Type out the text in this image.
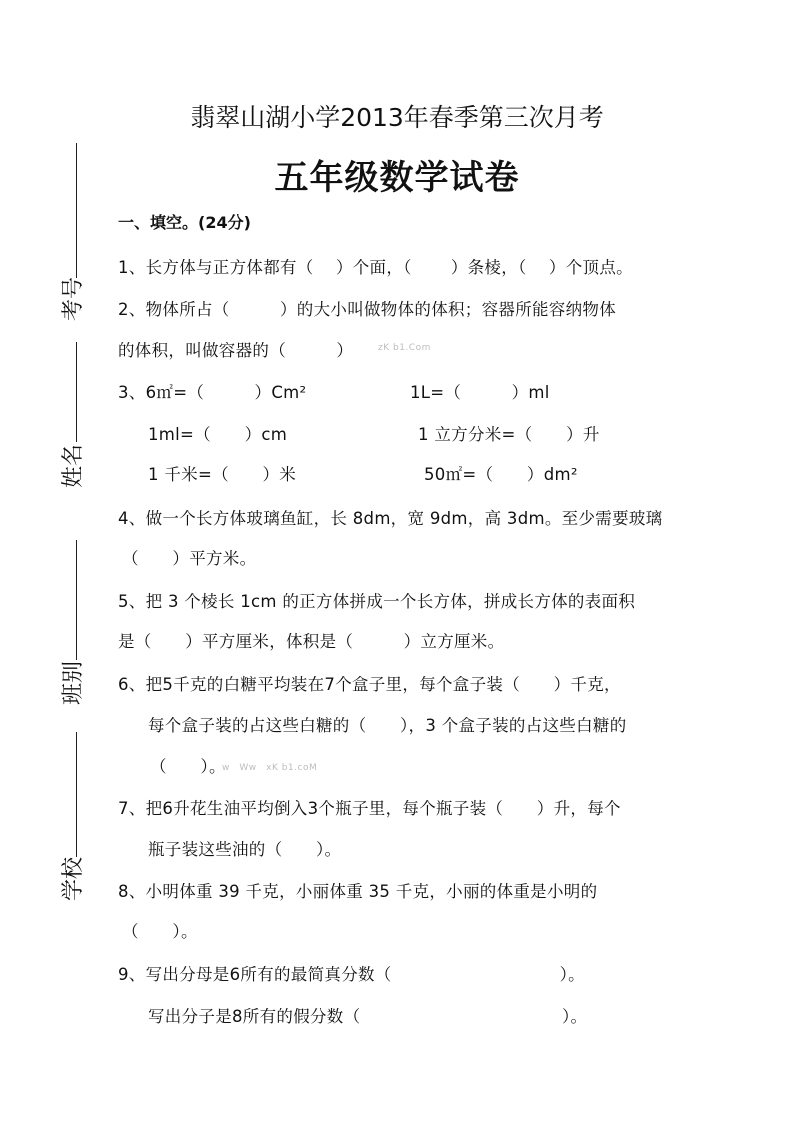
考号
姓名
班别
学校
翡翠山湖小学2013年春季第三次月考
五年级数学试卷
一、填空。(24分)
1、长方体与正方体都有（　 ）个面，（　　 ）条棱，（　 ）个顶点。
2、物体所占（　　　）的大小叫做物体的体积；容器所能容纳物体
的体积，叫做容器的（　　　）	zK b1.Com
3、6㎡=（　　　）Cm²	1L=（　　　）ml
1ml=（　　）cm	1 立方分米=（　　）升
1 千米=（　　）米	50㎡=（　　）dm²
4、做一个长方体玻璃鱼缸，长 8dm，宽 9dm，高 3dm。至少需要玻璃
（　　）平方米。
5、把 3 个棱长 1cm 的正方体拼成一个长方体，拼成长方体的表面积
是（　　）平方厘米，体积是（　　　）立方厘米。
6、把5千克的白糖平均装在7个盒子里，每个盒子装（　　）千克，
每个盒子装的占这些白糖的（　　），3 个盒子装的占这些白糖的
（　　）。
w　Ww　xK b1.coM
7、把6升花生油平均倒入3个瓶子里，每个瓶子装（　　）升，每个
瓶子装这些油的（　　）。
8、小明体重 39 千克，小丽体重 35 千克，小丽的体重是小明的
（　　）。
9、写出分母是6所有的最简真分数（　　　　　　　　　　）。
写出分子是8所有的假分数（　　　　　　　　　　　　）。
